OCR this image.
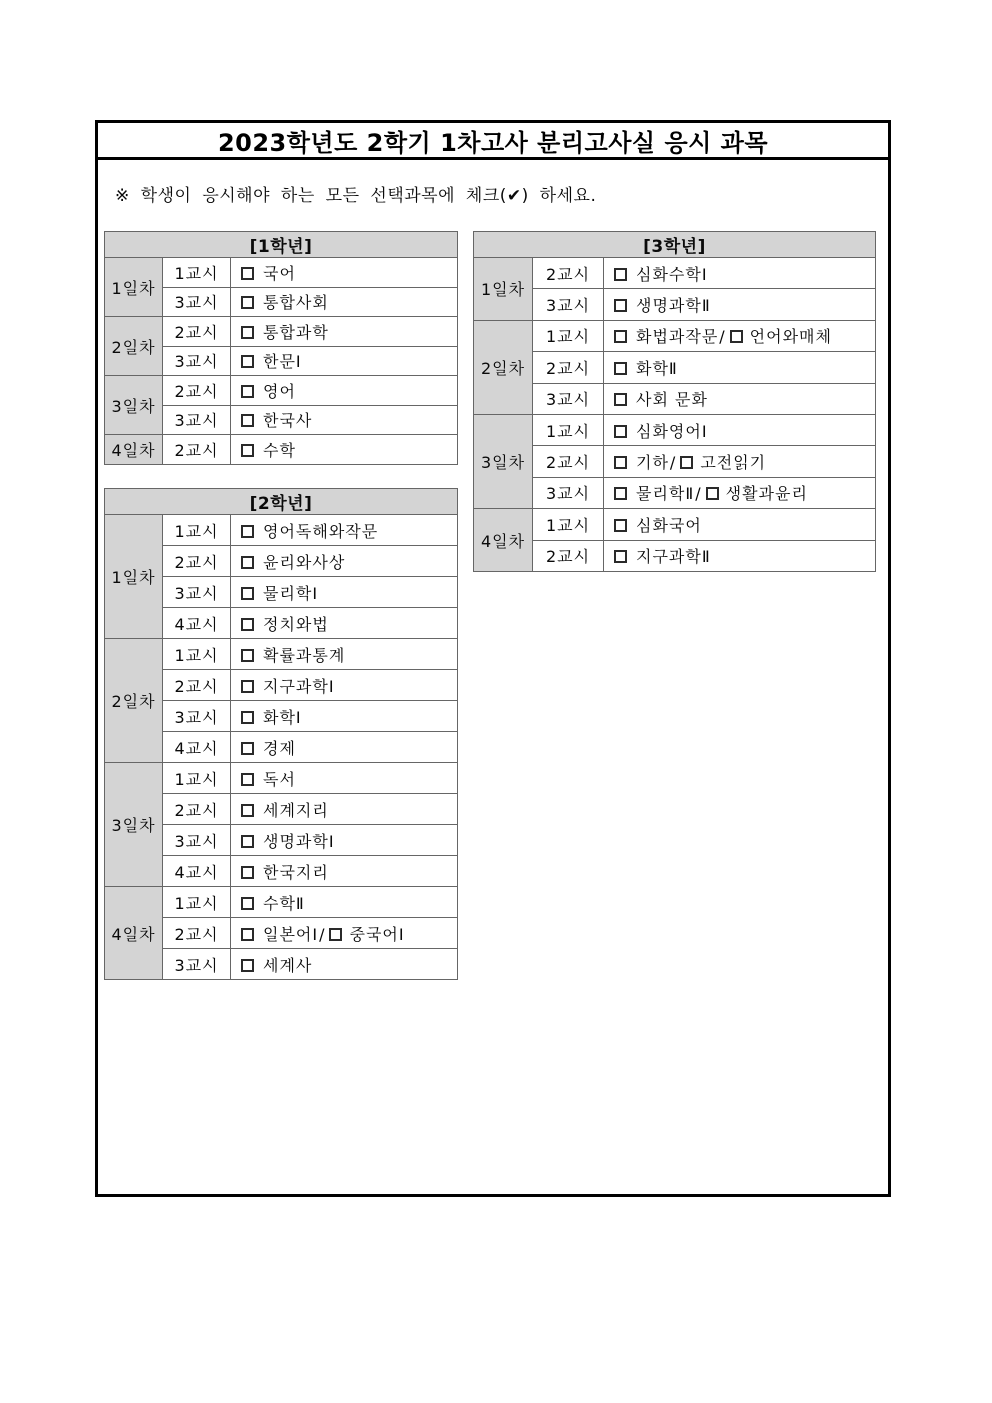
2023학년도 2학기 1차고사 분리고사실 응시 과목
※ 학생이 응시해야 하는 모든 선택과목에 체크(✔) 하세요.
[1학년]		
1일차	1교시	국어
	3교시	통합사회
2일차	2교시	통합과학
	3교시	한문Ⅰ
3일차	2교시	영어
	3교시	한국사
4일차	2교시	수학
[2학년]		
1일차	1교시	영어독해와작문
	2교시	윤리와사상
	3교시	물리학Ⅰ
	4교시	정치와법
2일차	1교시	확률과통계
	2교시	지구과학Ⅰ
	3교시	화학Ⅰ
	4교시	경제
3일차	1교시	독서
	2교시	세계지리
	3교시	생명과학Ⅰ
	4교시	한국지리
4일차	1교시	수학Ⅱ
	2교시	일본어Ⅰ/ 중국어Ⅰ
	3교시	세계사
[3학년]		
1일차	2교시	심화수학Ⅰ
	3교시	생명과학Ⅱ
2일차	1교시	화법과작문/ 언어와매체
	2교시	화학Ⅱ
	3교시	사회 문화
3일차	1교시	심화영어Ⅰ
	2교시	기하/ 고전읽기
	3교시	물리학Ⅱ/ 생활과윤리
4일차	1교시	심화국어
	2교시	지구과학Ⅱ
